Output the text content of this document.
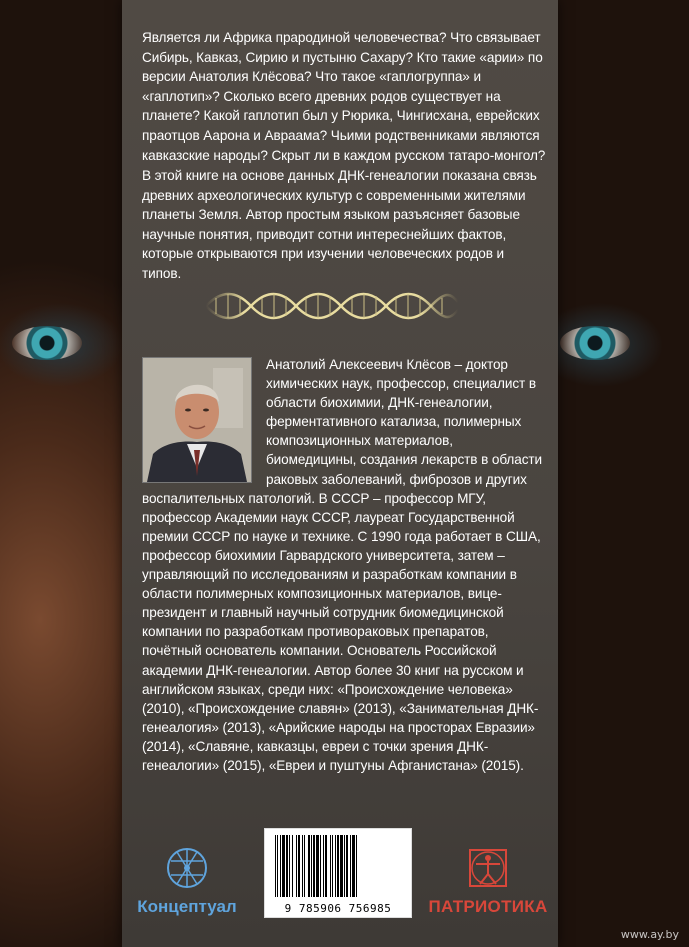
Является ли Африка прародиной человечества? Что связывает Сибирь, Кавказ, Сирию и пустыню Сахару? Кто такие «арии» по версии Анатолия Клёсова? Что такое «гаплогруппа» и «гаплотип»? Сколько всего древних родов существует на планете? Какой гаплотип был у Рюрика, Чингисхана, еврейских праотцов Аарона и Авраама? Чьими родственниками являются кавказские народы? Скрыт ли в каждом русском татаро-монгол?

В этой книге на основе данных ДНК-генеалогии показана связь древних археологических культур с современными жителями планеты Земля. Автор простым языком разъясняет базовые научные понятия, приводит сотни интереснейших фактов, которые открываются при изучении человеческих родов и типов.

Анатолий Алексеевич Клёсов – доктор химических наук, профессор, специалист в области биохимии, ДНК-генеалогии, ферментативного катализа, полимерных композиционных материалов, биомедицины, создания лекарств в области раковых заболеваний, фиброзов и других воспалительных патологий. В СССР – профессор МГУ, профессор Академии наук СССР, лауреат Государственной премии СССР по науке и технике. С 1990 года работает в США, профессор биохимии Гарвардского университета, затем – управляющий по исследованиям и разработкам компании в области полимерных композиционных материалов, вице-президент и главный научный сотрудник биомедицинской компании по разработкам противораковых препаратов, почётный основатель компании. Основатель Российской академии ДНК-генеалогии. Автор более 30 книг на русском и английском языках, среди них: «Происхождение человека» (2010), «Происхождение славян» (2013), «Занимательная ДНК-генеалогия» (2013), «Арийские народы на просторах Евразии» (2014), «Славяне, кавказцы, евреи с точки зрения ДНК-генеалогии» (2015), «Евреи и пуштуны Афганистана» (2015).

Концептуал	9 785906 756985	ПАТРИОТИКА
www.ay.by
